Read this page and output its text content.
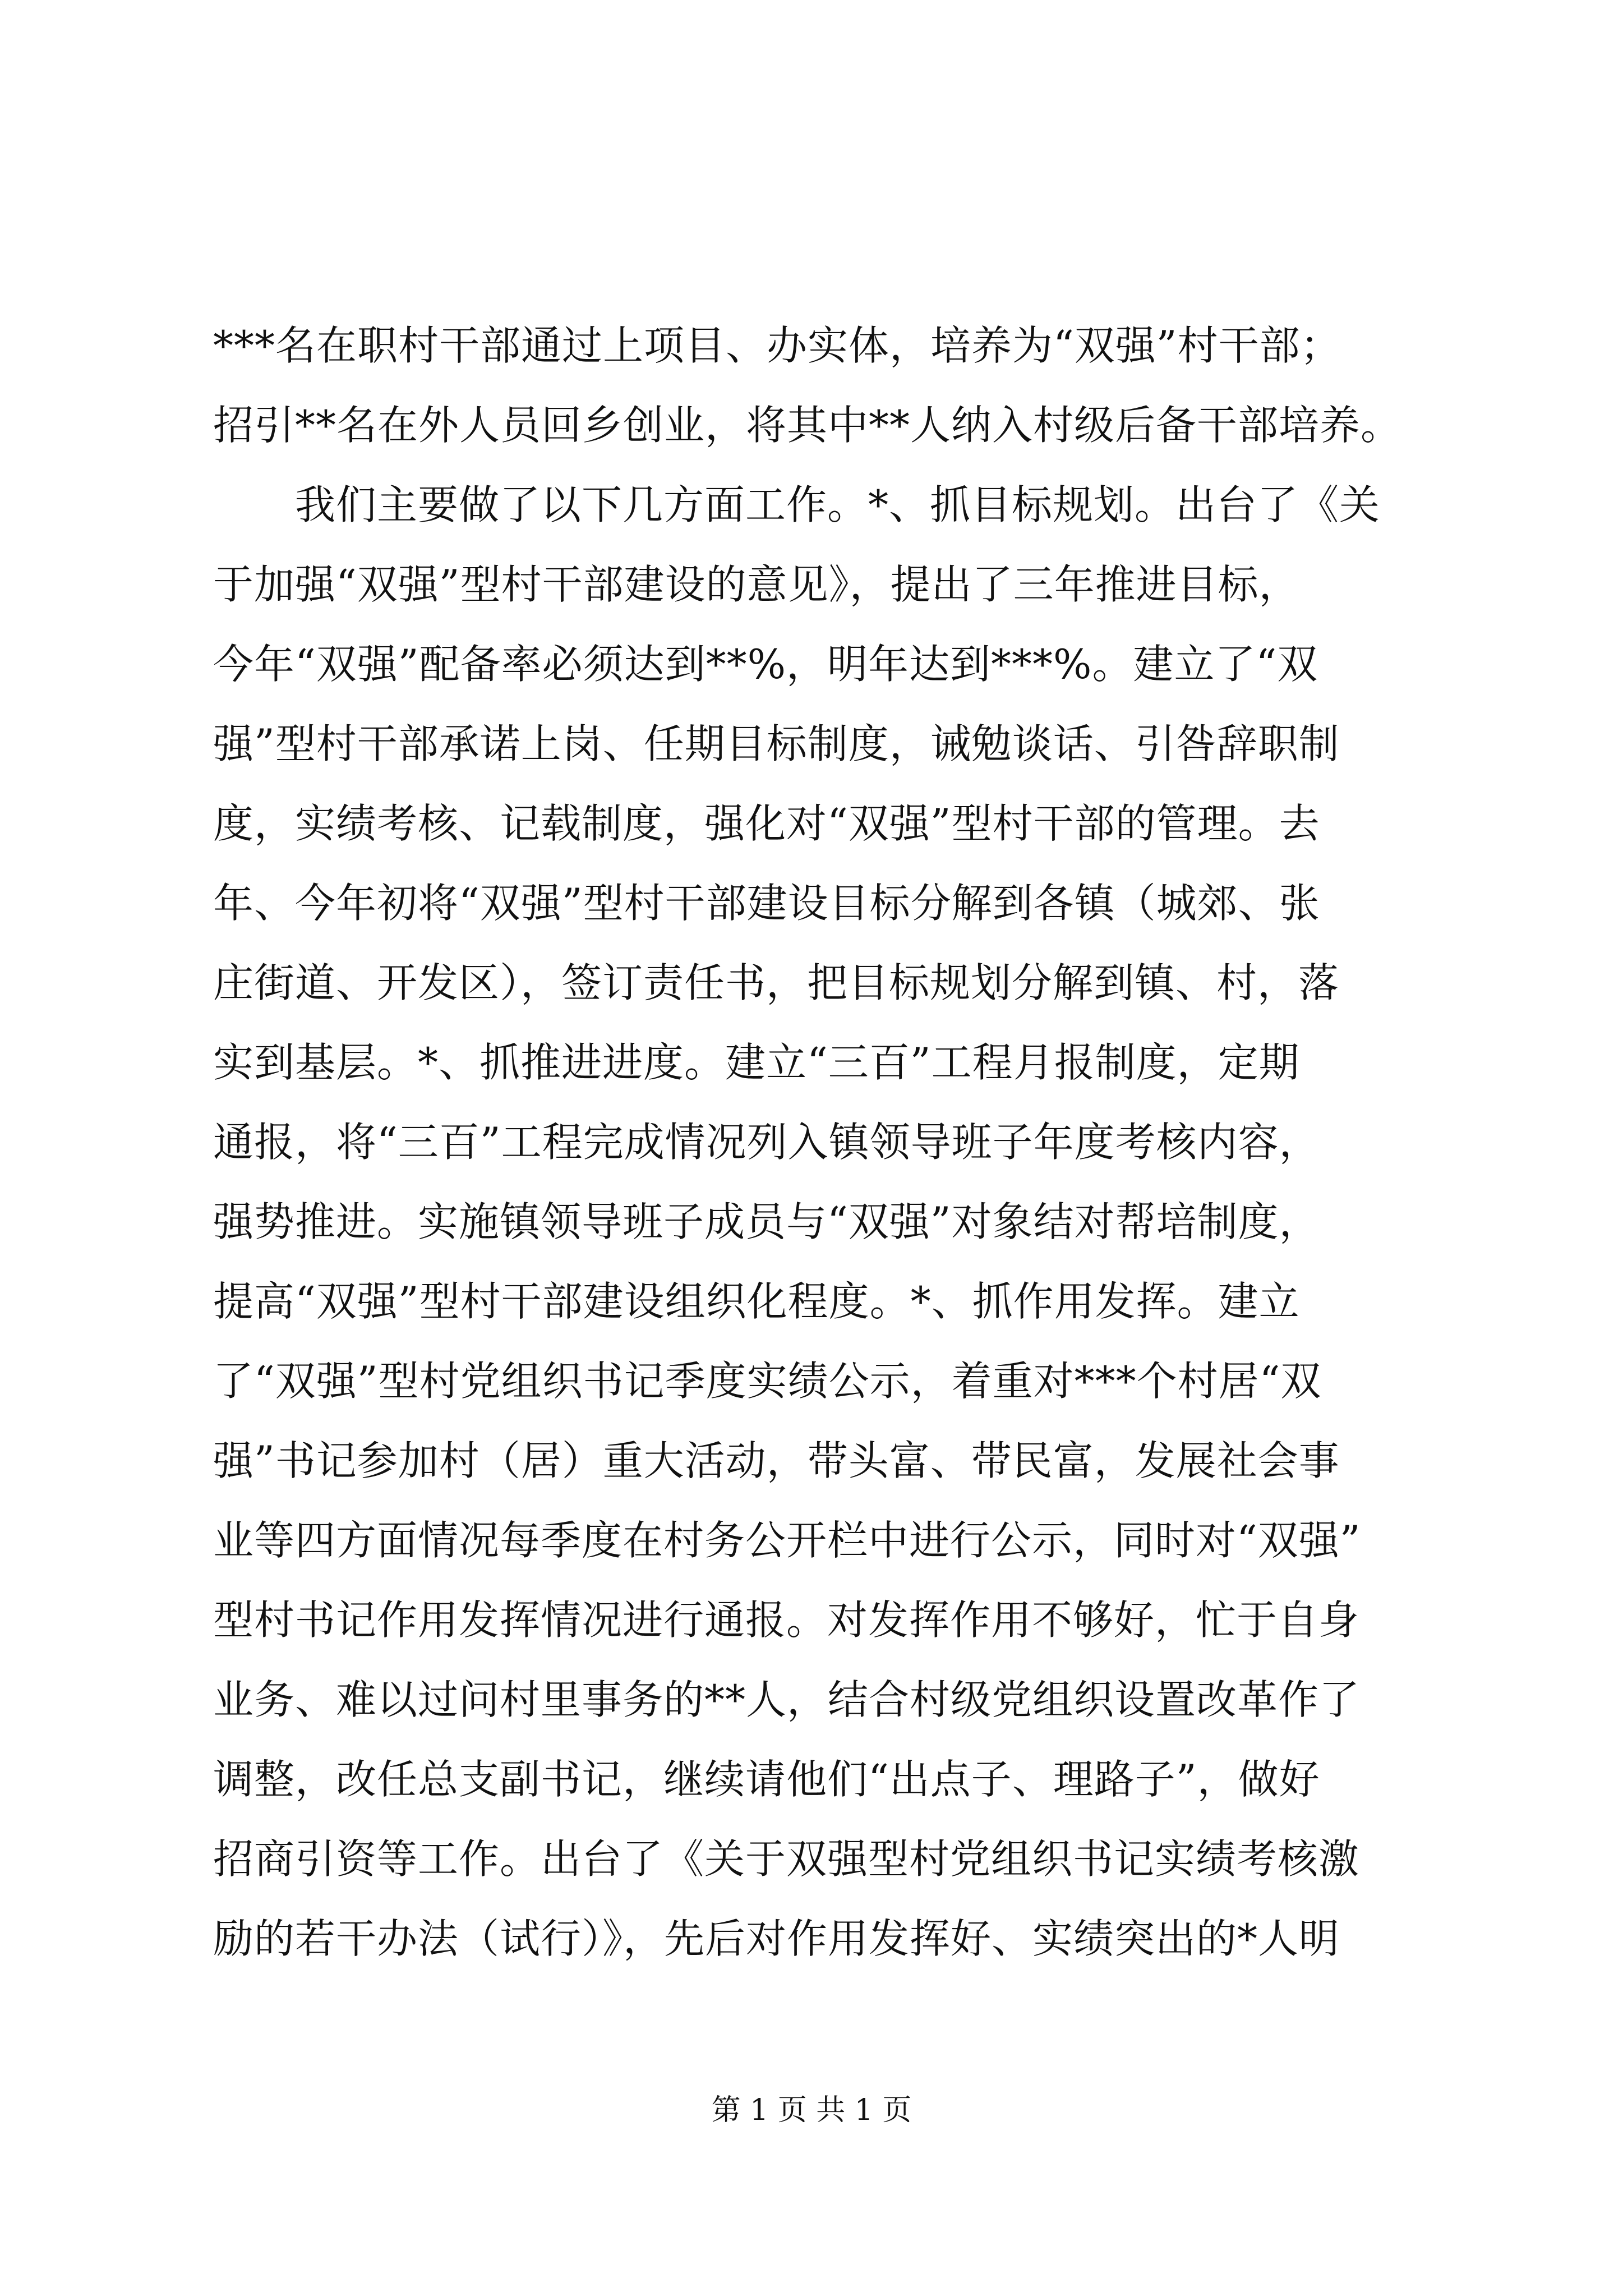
***名在职村干部通过上项目、办实体，培养为“双强”村干部；
招引**名在外人员回乡创业，将其中**人纳入村级后备干部培养。
　　我们主要做了以下几方面工作。*、抓目标规划。出台了《关
于加强“双强”型村干部建设的意见》，提出了三年推进目标，
今年“双强”配备率必须达到**%，明年达到***%。建立了“双
强”型村干部承诺上岗、任期目标制度，诫勉谈话、引咎辞职制
度，实绩考核、记载制度，强化对“双强”型村干部的管理。去
年、今年初将“双强”型村干部建设目标分解到各镇（城郊、张
庄街道、开发区），签订责任书，把目标规划分解到镇、村，落
实到基层。*、抓推进进度。建立“三百”工程月报制度，定期
通报，将“三百”工程完成情况列入镇领导班子年度考核内容，
强势推进。实施镇领导班子成员与“双强”对象结对帮培制度，
提高“双强”型村干部建设组织化程度。*、抓作用发挥。建立
了“双强”型村党组织书记季度实绩公示，着重对***个村居“双
强”书记参加村（居）重大活动，带头富、带民富，发展社会事
业等四方面情况每季度在村务公开栏中进行公示，同时对“双强”
型村书记作用发挥情况进行通报。对发挥作用不够好，忙于自身
业务、难以过问村里事务的**人，结合村级党组织设置改革作了
调整，改任总支副书记，继续请他们“出点子、理路子”，做好
招商引资等工作。出台了《关于双强型村党组织书记实绩考核激
励的若干办法（试行）》，先后对作用发挥好、实绩突出的*人明
第 1 页 共 1 页
